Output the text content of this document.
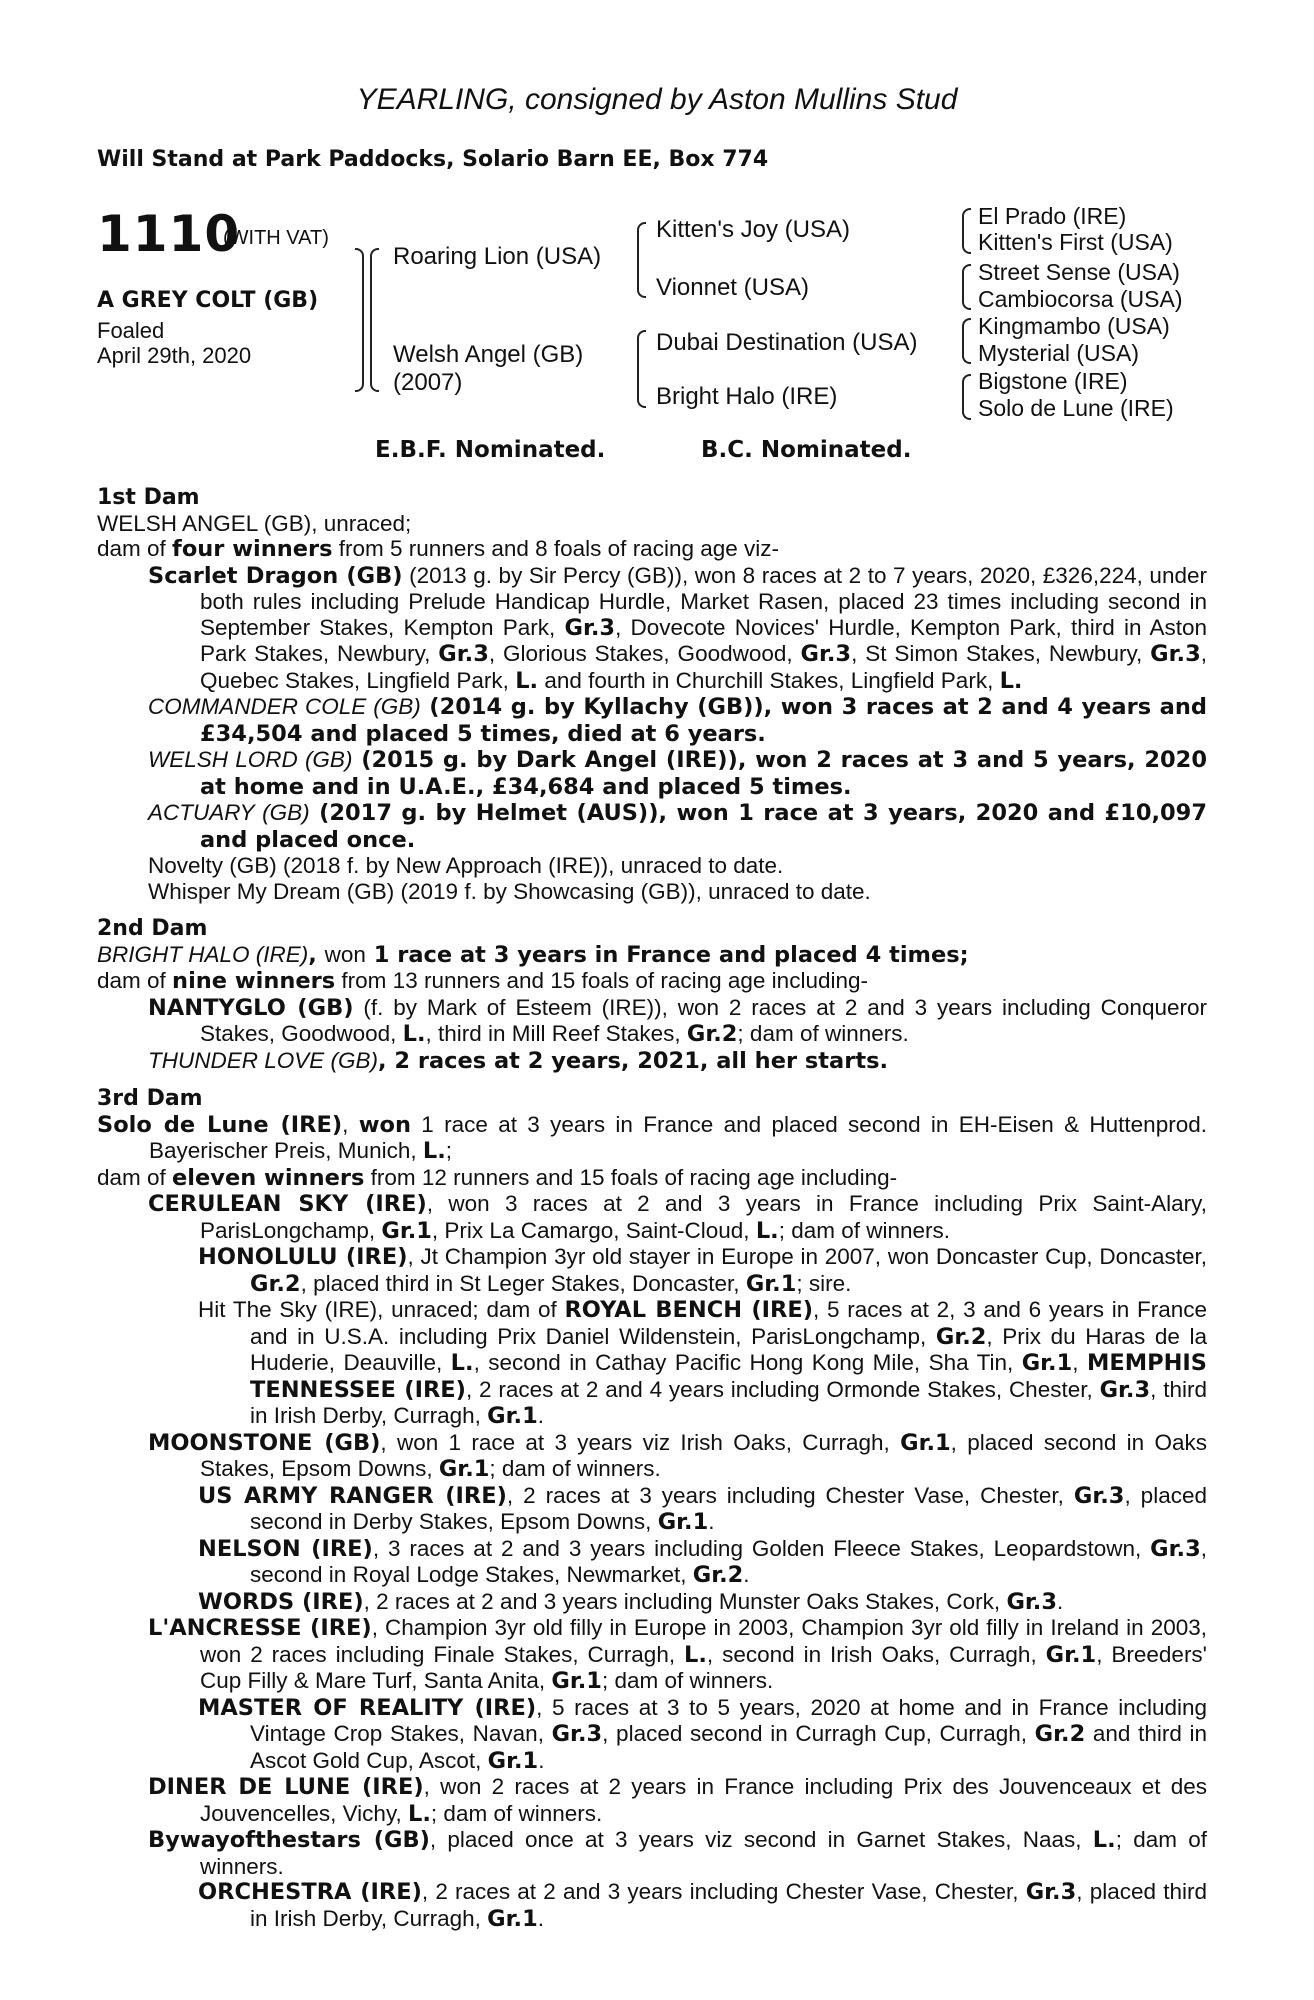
YEARLING, consigned by Aston Mullins Stud
Will Stand at Park Paddocks, Solario Barn EE, Box 774
1110
(WITH VAT)
A GREY COLT (GB)
Foaled
April 29th, 2020
Roaring Lion (USA)
Welsh Angel (GB)
(2007)
Kitten's Joy (USA)
Vionnet (USA)
Dubai Destination (USA)
Bright Halo (IRE)
El Prado (IRE)
Kitten's First (USA)
Street Sense (USA)
Cambiocorsa (USA)
Kingmambo (USA)
Mysterial (USA)
Bigstone (IRE)
Solo de Lune (IRE)
E.B.F. Nominated.	B.C. Nominated.

1st Dam

WELSH ANGEL (GB), unraced;

dam of four winners from 5 runners and 8 foals of racing age viz-

Scarlet Dragon (GB) (2013 g. by Sir Percy (GB)), won 8 races at 2 to 7 years, 2020, £326,224, under both rules including Prelude Handicap Hurdle, Market Rasen, placed 23 times including second in September Stakes, Kempton Park, Gr.3, Dovecote Novices' Hurdle, Kempton Park, third in Aston Park Stakes, Newbury, Gr.3, Glorious Stakes, Goodwood, Gr.3, St Simon Stakes, Newbury, Gr.3, Quebec Stakes, Lingfield Park, L. and fourth in Churchill Stakes, Lingfield Park, L.

COMMANDER COLE (GB) (2014 g. by Kyllachy (GB)), won 3 races at 2 and 4 years and £34,504 and placed 5 times, died at 6 years.

WELSH LORD (GB) (2015 g. by Dark Angel (IRE)), won 2 races at 3 and 5 years, 2020 at home and in U.A.E., £34,684 and placed 5 times.

ACTUARY (GB) (2017 g. by Helmet (AUS)), won 1 race at 3 years, 2020 and £10,097 and placed once.

Novelty (GB) (2018 f. by New Approach (IRE)), unraced to date.

Whisper My Dream (GB) (2019 f. by Showcasing (GB)), unraced to date.

2nd Dam

BRIGHT HALO (IRE), won 1 race at 3 years in France and placed 4 times;

dam of nine winners from 13 runners and 15 foals of racing age including-

NANTYGLO (GB) (f. by Mark of Esteem (IRE)), won 2 races at 2 and 3 years including Conqueror Stakes, Goodwood, L., third in Mill Reef Stakes, Gr.2; dam of winners.

THUNDER LOVE (GB), 2 races at 2 years, 2021, all her starts.

3rd Dam

Solo de Lune (IRE), won 1 race at 3 years in France and placed second in EH-Eisen & Huttenprod. Bayerischer Preis, Munich, L.;

dam of eleven winners from 12 runners and 15 foals of racing age including-

CERULEAN SKY (IRE), won 3 races at 2 and 3 years in France including Prix Saint-Alary, ParisLongchamp, Gr.1, Prix La Camargo, Saint-Cloud, L.; dam of winners.

HONOLULU (IRE), Jt Champion 3yr old stayer in Europe in 2007, won Doncaster Cup, Doncaster, Gr.2, placed third in St Leger Stakes, Doncaster, Gr.1; sire.

Hit The Sky (IRE), unraced; dam of ROYAL BENCH (IRE), 5 races at 2, 3 and 6 years in France and in U.S.A. including Prix Daniel Wildenstein, ParisLongchamp, Gr.2, Prix du Haras de la Huderie, Deauville, L., second in Cathay Pacific Hong Kong Mile, Sha Tin, Gr.1, MEMPHIS TENNESSEE (IRE), 2 races at 2 and 4 years including Ormonde Stakes, Chester, Gr.3, third in Irish Derby, Curragh, Gr.1.

MOONSTONE (GB), won 1 race at 3 years viz Irish Oaks, Curragh, Gr.1, placed second in Oaks Stakes, Epsom Downs, Gr.1; dam of winners.

US ARMY RANGER (IRE), 2 races at 3 years including Chester Vase, Chester, Gr.3, placed second in Derby Stakes, Epsom Downs, Gr.1.

NELSON (IRE), 3 races at 2 and 3 years including Golden Fleece Stakes, Leopardstown, Gr.3, second in Royal Lodge Stakes, Newmarket, Gr.2.

WORDS (IRE), 2 races at 2 and 3 years including Munster Oaks Stakes, Cork, Gr.3.

L'ANCRESSE (IRE), Champion 3yr old filly in Europe in 2003, Champion 3yr old filly in Ireland in 2003, won 2 races including Finale Stakes, Curragh, L., second in Irish Oaks, Curragh, Gr.1, Breeders' Cup Filly & Mare Turf, Santa Anita, Gr.1; dam of winners.

MASTER OF REALITY (IRE), 5 races at 3 to 5 years, 2020 at home and in France including Vintage Crop Stakes, Navan, Gr.3, placed second in Curragh Cup, Curragh, Gr.2 and third in Ascot Gold Cup, Ascot, Gr.1.

DINER DE LUNE (IRE), won 2 races at 2 years in France including Prix des Jouvenceaux et des Jouvencelles, Vichy, L.; dam of winners.

Bywayofthestars (GB), placed once at 3 years viz second in Garnet Stakes, Naas, L.; dam of winners.

ORCHESTRA (IRE), 2 races at 2 and 3 years including Chester Vase, Chester, Gr.3, placed third in Irish Derby, Curragh, Gr.1.
